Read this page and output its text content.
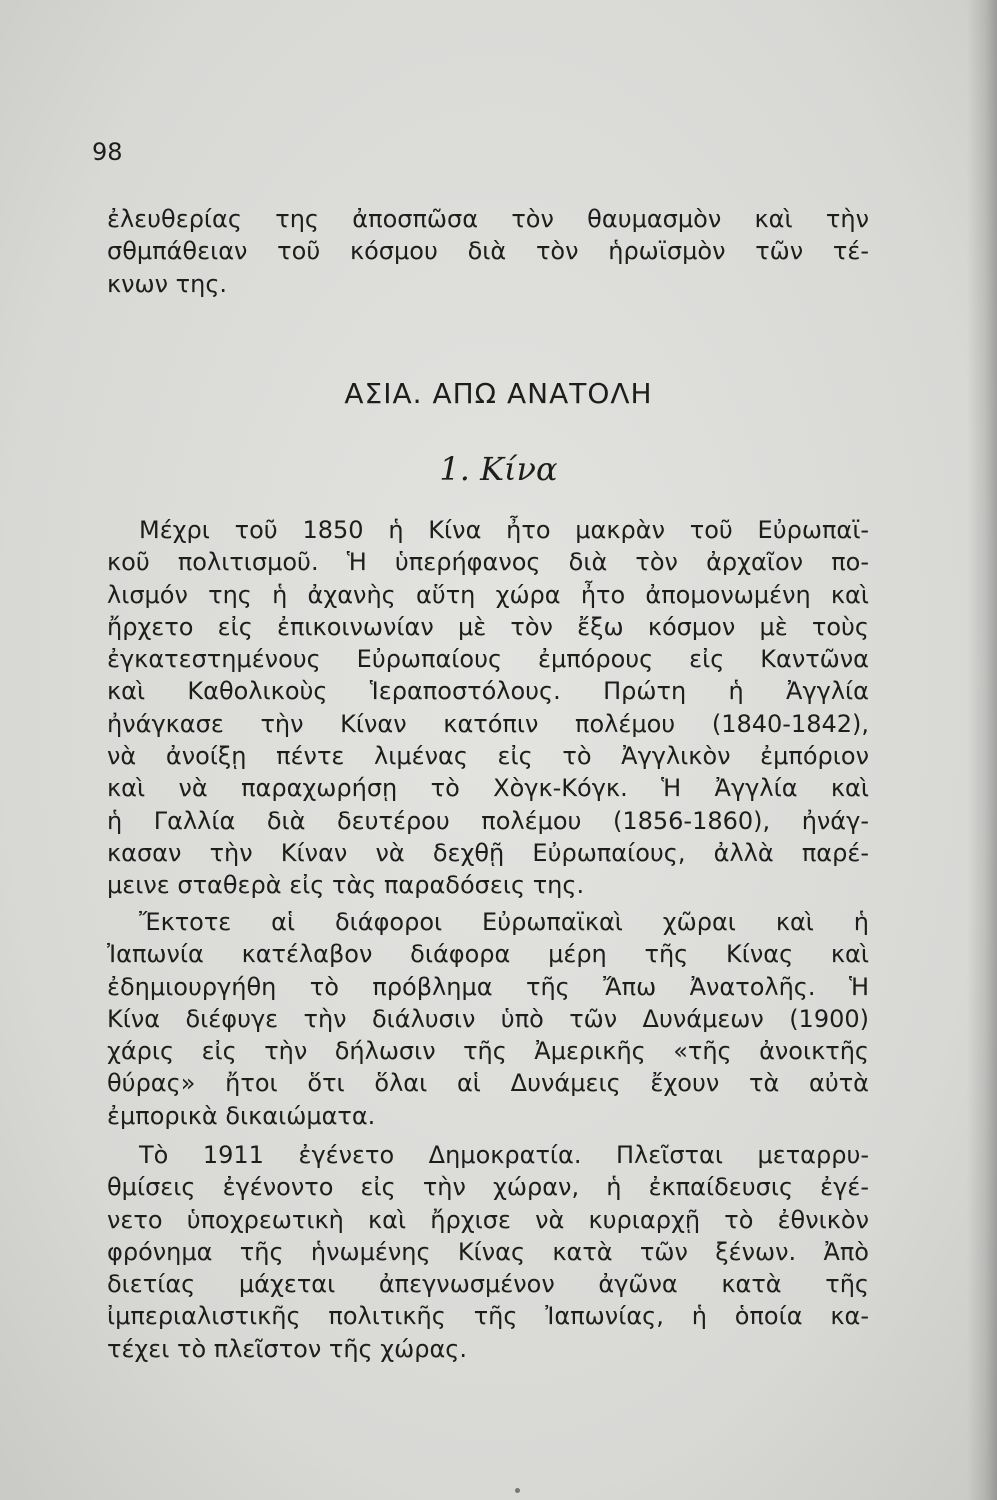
98
ἐλευθερίας της ἀποσπῶσα τὸν θαυμασμὸν καὶ τὴν
σθμπάθειαν τοῦ κόσμου διὰ τὸν ἡρωϊσμὸν τῶν τέ-
κνων της.
ΑΣΙΑ. ΑΠΩ ΑΝΑΤΟΛΗ
1. Κίνα
Μέχρι τοῦ 1850 ἡ Κίνα ἦτο μακρὰν τοῦ Εὐρωπαϊ-
κοῦ πολιτισμοῦ. Ἡ ὑπερήφανος διὰ τὸν ἀρχαῖον πο-
λισμόν της ἡ ἀχανὴς αὕτη χώρα ἦτο ἀπομονωμένη καὶ
ἤρχετο εἰς ἐπικοινωνίαν μὲ τὸν ἔξω κόσμον μὲ τοὺς
ἐγκατεστημένους Εὐρωπαίους ἐμπόρους εἰς Καντῶνα
καὶ Καθολικοὺς Ἱεραποστόλους. Πρώτη ἡ Ἀγγλία
ἠνάγκασε τὴν Κίναν κατόπιν πολέμου (1840-1842),
νὰ ἀνοίξῃ πέντε λιμένας εἰς τὸ Ἀγγλικὸν ἐμπόριον
καὶ νὰ παραχωρήσῃ τὸ Χὸγκ-Κόγκ. Ἡ Ἀγγλία καὶ
ἡ Γαλλία διὰ δευτέρου πολέμου (1856-1860), ἠνάγ-
κασαν τὴν Κίναν νὰ δεχθῇ Εὐρωπαίους, ἀλλὰ παρέ-
μεινε σταθερὰ εἰς τὰς παραδόσεις της.
Ἔκτοτε αἱ διάφοροι Εὐρωπαϊκαὶ χῶραι καὶ ἡ
Ἰαπωνία κατέλαβον διάφορα μέρη τῆς Κίνας καὶ
ἐδημιουργήθη τὸ πρόβλημα τῆς Ἄπω Ἀνατολῆς. Ἡ
Κίνα διέφυγε τὴν διάλυσιν ὑπὸ τῶν Δυνάμεων (1900)
χάρις εἰς τὴν δήλωσιν τῆς Ἀμερικῆς «τῆς ἀνοικτῆς
θύρας» ἤτοι ὅτι ὅλαι αἱ Δυνάμεις ἔχουν τὰ αὐτὰ
ἐμπορικὰ δικαιώματα.
Τὸ 1911 ἐγένετο Δημοκρατία. Πλεῖσται μεταρρυ-
θμίσεις ἐγένοντο εἰς τὴν χώραν, ἡ ἐκπαίδευσις ἐγέ-
νετο ὑποχρεωτικὴ καὶ ἤρχισε νὰ κυριαρχῇ τὸ ἐθνικὸν
φρόνημα τῆς ἡνωμένης Κίνας κατὰ τῶν ξένων. Ἀπὸ
διετίας μάχεται ἀπεγνωσμένον ἀγῶνα κατὰ τῆς
ἰμπεριαλιστικῆς πολιτικῆς τῆς Ἰαπωνίας, ἡ ὁποία κα-
τέχει τὸ πλεῖστον τῆς χώρας.
